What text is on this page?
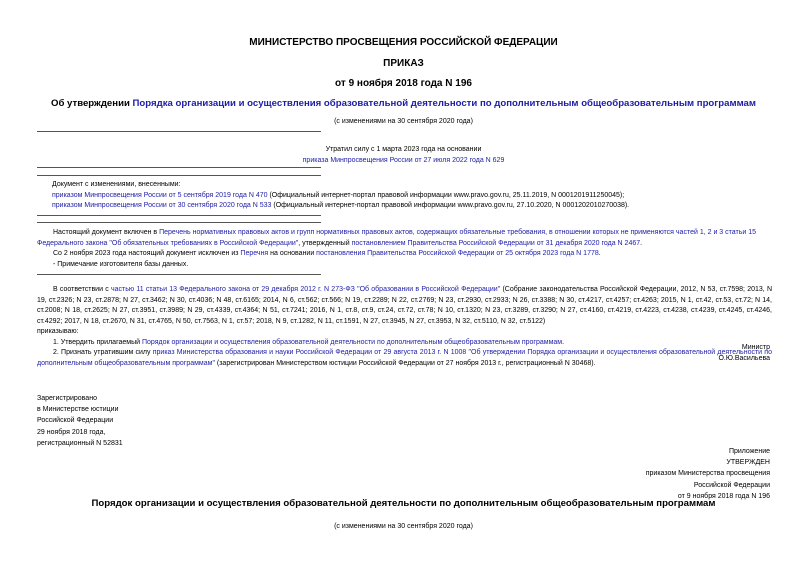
МИНИСТЕРСТВО ПРОСВЕЩЕНИЯ РОССИЙСКОЙ ФЕДЕРАЦИИ
ПРИКАЗ
от 9 ноября 2018 года N 196
Об утверждении Порядка организации и осуществления образовательной деятельности по дополнительным общеобразовательным программам
(с изменениями на 30 сентября 2020 года)
Утратил силу с 1 марта 2023 года на основании
приказа Минпросвещения России от 27 июля 2022 года N 629
Документ с изменениями, внесенными:
приказом Минпросвещения России от 5 сентября 2019 года N 470 (Официальный интернет-портал правовой информации www.pravo.gov.ru, 25.11.2019, N 0001201911250045);
приказом Минпросвещения России от 30 сентября 2020 года N 533 (Официальный интернет-портал правовой информации www.pravo.gov.ru, 27.10.2020, N 0001202010270038).

Настоящий документ включен в Перечень нормативных правовых актов и групп нормативных правовых актов, содержащих обязательные требования, в отношении которых не применяются частей 1, 2 и 3 статьи 15 Федерального закона "Об обязательных требованиях в Российской Федерации", утвержденный постановлением Правительства Российской Федерации от 31 декабря 2020 года N 2467.

Со 2 ноября 2023 года настоящий документ исключен из Перечня на основании постановления Правительства Российской Федерации от 25 октября 2023 года N 1778.

- Примечание изготовителя базы данных.

В соответствии с частью 11 статьи 13 Федерального закона от 29 декабря 2012 г. N 273-ФЗ "Об образовании в Российской Федерации" (Собрание законодательства Российской Федерации, 2012, N 53, ст.7598; 2013, N 19, ст.2326; N 23, ст.2878; N 27, ст.3462; N 30, ст.4036; N 48, ст.6165; 2014, N 6, ст.562; ст.566; N 19, ст.2289; N 22, ст.2769; N 23, ст.2930, ст.2933; N 26, ст.3388; N 30, ст.4217, ст.4257; ст.4263; 2015, N 1, ст.42, ст.53, ст.72; N 14, ст.2008; N 18, ст.2625; N 27, ст.3951, ст.3989; N 29, ст.4339, ст.4364; N 51, ст.7241; 2016, N 1, ст.8, ст.9, ст.24, ст.72, ст.78; N 10, ст.1320; N 23, ст.3289, ст.3290; N 27, ст.4160, ст.4219, ст.4223, ст.4238, ст.4239, ст.4245, ст.4246, ст.4292; 2017, N 18, ст.2670, N 31, ст.4765, N 50, ст.7563, N 1, ст.57; 2018, N 9, ст.1282, N 11, ст.1591, N 27, ст.3945, N 27, ст.3953, N 32, ст.5110, N 32, ст.5122)

приказываю:

1. Утвердить прилагаемый Порядок организации и осуществления образовательной деятельности по дополнительным общеобразовательным программам.

2. Признать утратившим силу приказ Министерства образования и науки Российской Федерации от 29 августа 2013 г. N 1008 "Об утверждении Порядка организации и осуществления образовательной деятельности по дополнительным общеобразовательным программам" (зарегистрирован Министерством юстиции Российской Федерации от 27 ноября 2013 г., регистрационный N 30468).

Министр
О.Ю.Васильева
Зарегистрировано
в Министерстве юстиции
Российской Федерации
29 ноября 2018 года,
регистрационный N 52831
Приложение
УТВЕРЖДЕН
приказом Министерства просвещения
Российской Федерации
от 9 ноября 2018 года N 196
Порядок организации и осуществления образовательной деятельности по дополнительным общеобразовательным программам
(с изменениями на 30 сентября 2020 года)
